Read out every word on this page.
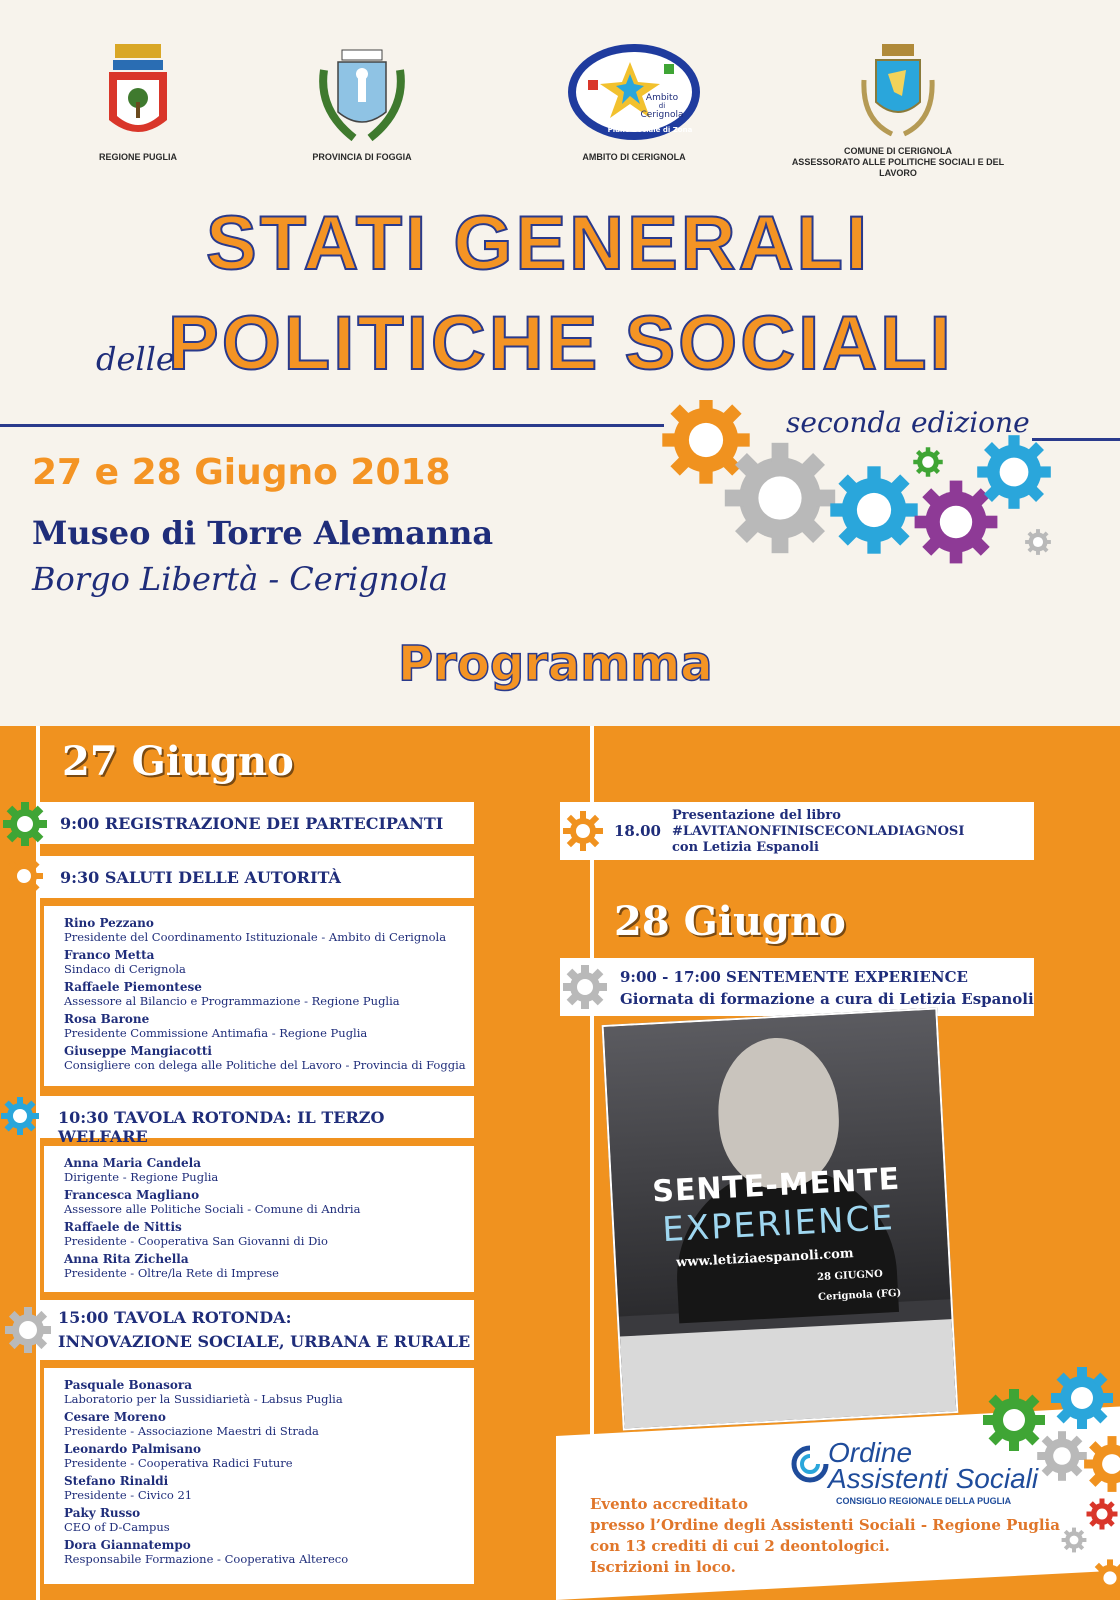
REGIONE PUGLIA	PROVINCIA DI FOGGIA
Ambito
di
Cerignola
Piano Sociale di Zona
AMBITO DI CERIGNOLA
COMUNE DI CERIGNOLA
ASSESSORATO ALLE POLITICHE SOCIALI E DEL LAVORO
STATI GENERALI
delle
POLITICHE SOCIALI
seconda edizione
27 e 28 Giugno 2018
Museo di Torre Alemanna
Borgo Libertà - Cerignola
Programma
27 Giugno
9:00 REGISTRAZIONE DEI PARTECIPANTI
9:30 SALUTI DELLE AUTORITÀ
Rino Pezzano
Presidente del Coordinamento Istituzionale - Ambito di Cerignola
Franco Metta
Sindaco di Cerignola
Raffaele Piemontese
Assessore al Bilancio e Programmazione - Regione Puglia
Rosa Barone
Presidente Commissione Antimafia - Regione Puglia
Giuseppe Mangiacotti
Consigliere con delega alle Politiche del Lavoro - Provincia di Foggia
10:30 TAVOLA ROTONDA: IL TERZO WELFARE
Anna Maria Candela
Dirigente - Regione Puglia
Francesca Magliano
Assessore alle Politiche Sociali - Comune di Andria
Raffaele de Nittis
Presidente - Cooperativa San Giovanni di Dio
Anna Rita Zichella
Presidente - Oltre/la Rete di Imprese
15:00 TAVOLA ROTONDA:
INNOVAZIONE SOCIALE, URBANA E RURALE
Pasquale Bonasora
Laboratorio per la Sussidiarietà - Labsus Puglia
Cesare Moreno
Presidente - Associazione Maestri di Strada
Leonardo Palmisano
Presidente - Cooperativa Radici Future
Stefano Rinaldi
Presidente - Civico 21
Paky Russo
CEO of D-Campus
Dora Giannatempo
Responsabile Formazione - Cooperativa Altereco
18.00
Presentazione del libro
#LAVITANONFINISCECONLADIAGNOSI
con Letizia Espanoli
28 Giugno
9:00 - 17:00 SENTEMENTE EXPERIENCE
Giornata di formazione a cura di Letizia Espanoli
SENTE-MENTE
EXPERIENCE
www.letiziaespanoli.com
28 GIUGNO
Cerignola (FG)
Ordine
Assistenti Sociali
CONSIGLIO REGIONALE DELLA PUGLIA
Evento accreditato
presso l’Ordine degli Assistenti Sociali - Regione Puglia
con 13 crediti di cui 2 deontologici.
Iscrizioni in loco.
